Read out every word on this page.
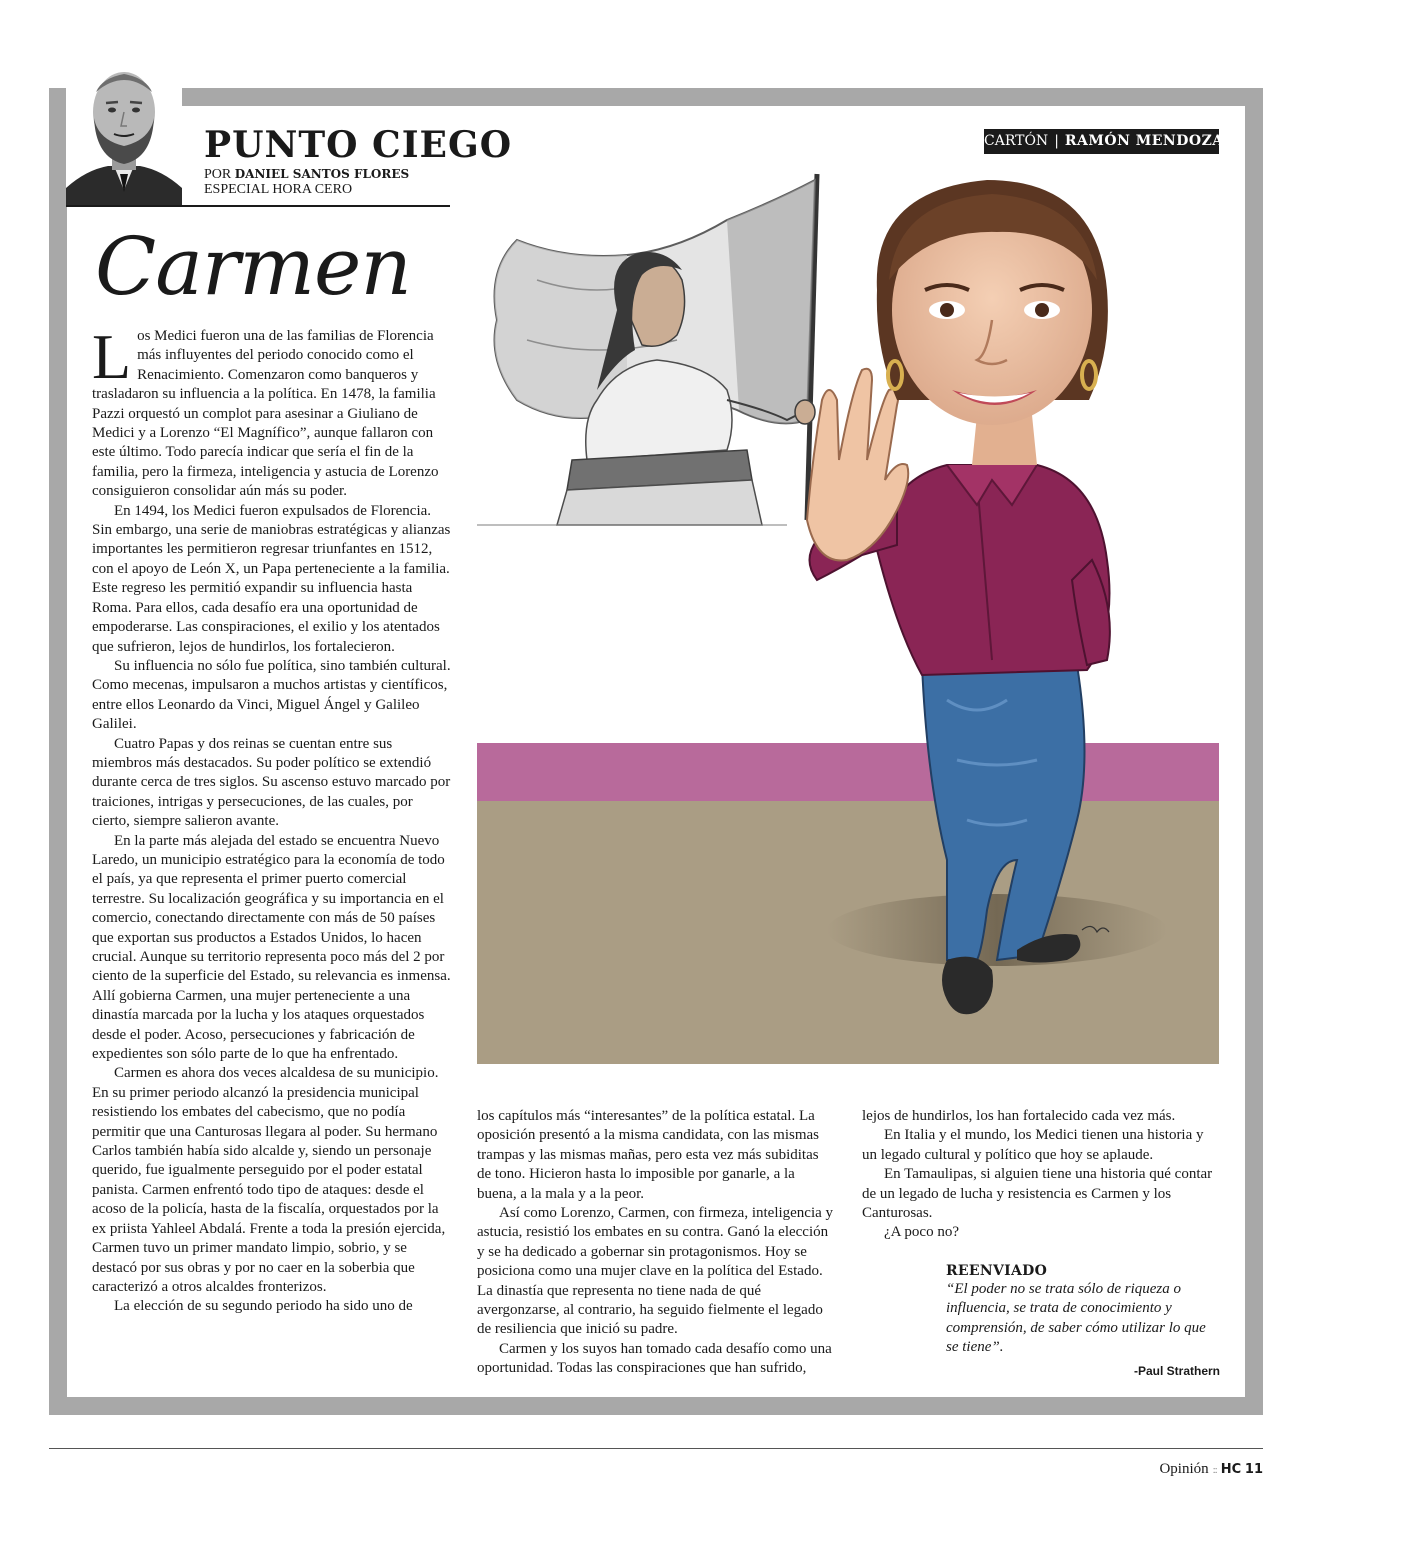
PUNTO CIEGO
POR DANIEL SANTOS FLORES
ESPECIAL HORA CERO
Carmen
CARTÓN | RAMÓN MENDOZA

Los Medici fueron una de las familias de Florencia más influyentes del periodo conocido como el Renacimiento. Comenzaron como banqueros y trasladaron su influencia a la política. En 1478, la familia Pazzi orquestó un complot para asesinar a Giuliano de Medici y a Lorenzo “El Magnífico”, aunque fallaron con este último. Todo parecía indicar que sería el fin de la familia, pero la firmeza, inteligencia y astucia de Lorenzo consiguieron consolidar aún más su poder.

En 1494, los Medici fueron expulsados de Florencia. Sin embargo, una serie de maniobras estratégicas y alianzas importantes les permitieron regresar triunfantes en 1512, con el apoyo de León X, un Papa perteneciente a la familia. Este regreso les permitió expandir su influencia hasta Roma. Para ellos, cada desafío era una oportunidad de empoderarse. Las conspiraciones, el exilio y los atentados que sufrieron, lejos de hundirlos, los fortalecieron.

Su influencia no sólo fue política, sino también cultural. Como mecenas, impulsaron a muchos artistas y científicos, entre ellos Leonardo da Vinci, Miguel Ángel y Galileo Galilei.

Cuatro Papas y dos reinas se cuentan entre sus miembros más destacados. Su poder político se extendió durante cerca de tres siglos. Su ascenso estuvo marcado por traiciones, intrigas y persecuciones, de las cuales, por cierto, siempre salieron avante.

En la parte más alejada del estado se encuentra Nuevo Laredo, un municipio estratégico para la economía de todo el país, ya que representa el primer puerto comercial terrestre. Su localización geográfica y su importancia en el comercio, conectando directamente con más de 50 países que exportan sus productos a Estados Unidos, lo hacen crucial. Aunque su territorio representa poco más del 2 por ciento de la superficie del Estado, su relevancia es inmensa. Allí gobierna Carmen, una mujer perteneciente a una dinastía marcada por la lucha y los ataques orquestados desde el poder. Acoso, persecuciones y fabricación de expedientes son sólo parte de lo que ha enfrentado.

Carmen es ahora dos veces alcaldesa de su municipio. En su primer periodo alcanzó la presidencia municipal resistiendo los embates del cabecismo, que no podía permitir que una Canturosas llegara al poder. Su hermano Carlos también había sido alcalde y, siendo un personaje querido, fue igualmente perseguido por el poder estatal panista. Carmen enfrentó todo tipo de ataques: desde el acoso de la policía, hasta de la fiscalía, orquestados por la ex priista Yahleel Abdalá. Frente a toda la presión ejercida, Carmen tuvo un primer mandato limpio, sobrio, y se destacó por sus obras y por no caer en la soberbia que caracterizó a otros alcaldes fronterizos.

La elección de su segundo periodo ha sido uno de

los capítulos más “interesantes” de la política estatal. La oposición presentó a la misma candidata, con las mismas trampas y las mismas mañas, pero esta vez más subiditas de tono. Hicieron hasta lo imposible por ganarle, a la buena, a la mala y a la peor.

Así como Lorenzo, Carmen, con firmeza, inteligencia y astucia, resistió los embates en su contra. Ganó la elección y se ha dedicado a gobernar sin protagonismos. Hoy se posiciona como una mujer clave en la política del Estado. La dinastía que representa no tiene nada de qué avergonzarse, al contrario, ha seguido fielmente el legado de resiliencia que inició su padre.

Carmen y los suyos han tomado cada desafío como una oportunidad. Todas las conspiraciones que han sufrido,

lejos de hundirlos, los han fortalecido cada vez más.

En Italia y el mundo, los Medici tienen una historia y un legado cultural y político que hoy se aplaude.

En Tamaulipas, si alguien tiene una historia qué contar de un legado de lucha y resistencia es Carmen y los Canturosas.

¿A poco no?

REENVIADO
“El poder no se trata sólo de riqueza o influencia, se trata de conocimiento y comprensión, de saber cómo utilizar lo que se tiene”.
-Paul Strathern
Opinión :: HC 11
